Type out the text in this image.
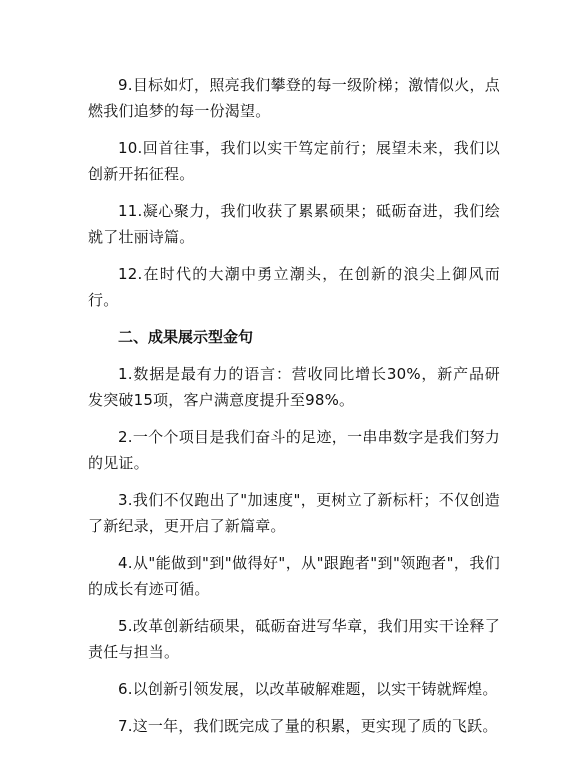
9.目标如灯，照亮我们攀登的每一级阶梯；激情似火，点燃我们追梦的每一份渴望。

10.回首往事，我们以实干笃定前行；展望未来，我们以创新开拓征程。

11.凝心聚力，我们收获了累累硕果；砥砺奋进，我们绘就了壮丽诗篇。

12.在时代的大潮中勇立潮头，在创新的浪尖上御风而行。

二、成果展示型金句

1.数据是最有力的语言：营收同比增长30%，新产品研发突破15项，客户满意度提升至98%。

2.一个个项目是我们奋斗的足迹，一串串数字是我们努力的见证。

3.我们不仅跑出了"加速度"，更树立了新标杆；不仅创造了新纪录，更开启了新篇章。

4.从"能做到"到"做得好"，从"跟跑者"到"领跑者"，我们的成长有迹可循。

5.改革创新结硕果，砥砺奋进写华章，我们用实干诠释了责任与担当。

6.以创新引领发展，以改革破解难题，以实干铸就辉煌。

7.这一年，我们既完成了量的积累，更实现了质的飞跃。
